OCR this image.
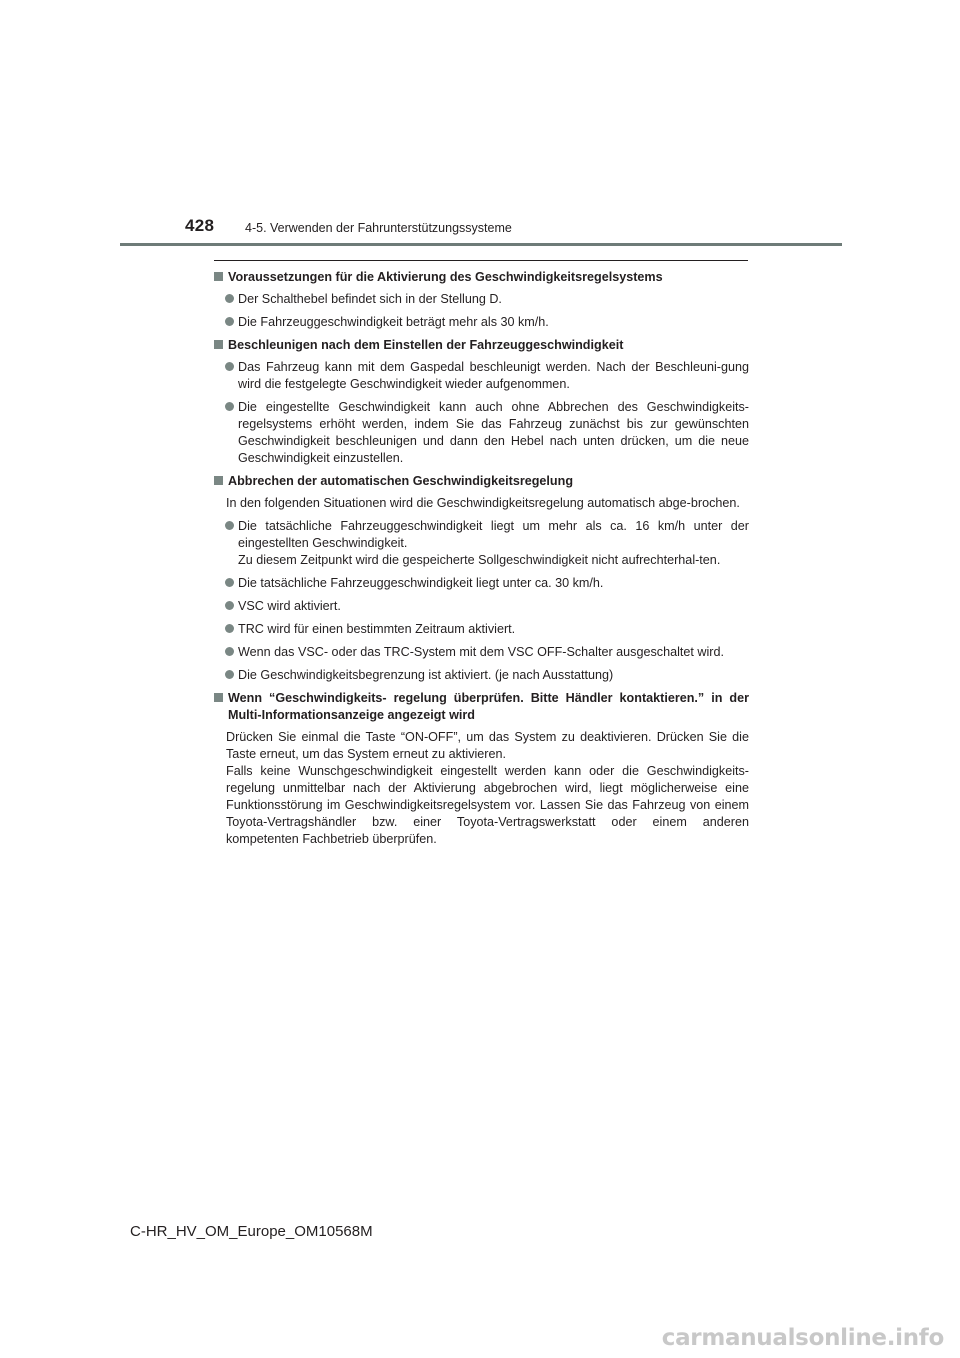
428 4-5. Verwenden der Fahrunterstützungssysteme
Voraussetzungen für die Aktivierung des Geschwindigkeitsregelsystems
Der Schalthebel befindet sich in der Stellung D.
Die Fahrzeuggeschwindigkeit beträgt mehr als 30 km/h.
Beschleunigen nach dem Einstellen der Fahrzeuggeschwindigkeit
Das Fahrzeug kann mit dem Gaspedal beschleunigt werden. Nach der Beschleuni-gung wird die festgelegte Geschwindigkeit wieder aufgenommen.
Die eingestellte Geschwindigkeit kann auch ohne Abbrechen des Geschwindigkeits-regelsystems erhöht werden, indem Sie das Fahrzeug zunächst bis zur gewünschten Geschwindigkeit beschleunigen und dann den Hebel nach unten drücken, um die neue Geschwindigkeit einzustellen.
Abbrechen der automatischen Geschwindigkeitsregelung
In den folgenden Situationen wird die Geschwindigkeitsregelung automatisch abge-brochen.
Die tatsächliche Fahrzeuggeschwindigkeit liegt um mehr als ca. 16 km/h unter der eingestellten Geschwindigkeit.
Zu diesem Zeitpunkt wird die gespeicherte Sollgeschwindigkeit nicht aufrechterhal-ten.
Die tatsächliche Fahrzeuggeschwindigkeit liegt unter ca. 30 km/h.
VSC wird aktiviert.
TRC wird für einen bestimmten Zeitraum aktiviert.
Wenn das VSC- oder das TRC-System mit dem VSC OFF-Schalter ausgeschaltet wird.
Die Geschwindigkeitsbegrenzung ist aktiviert. (je nach Ausstattung)
Wenn “Geschwindigkeits- regelung überprüfen. Bitte Händler kontaktieren.” in der Multi-Informationsanzeige angezeigt wird
Drücken Sie einmal die Taste “ON-OFF”, um das System zu deaktivieren. Drücken Sie die Taste erneut, um das System erneut zu aktivieren.
Falls keine Wunschgeschwindigkeit eingestellt werden kann oder die Geschwindigkeits-regelung unmittelbar nach der Aktivierung abgebrochen wird, liegt möglicherweise eine Funktionsstörung im Geschwindigkeitsregelsystem vor. Lassen Sie das Fahrzeug von einem Toyota-Vertragshändler bzw. einer Toyota-Vertragswerkstatt oder einem anderen kompetenten Fachbetrieb überprüfen.
C-HR_HV_OM_Europe_OM10568M
carmanualsonline.info
